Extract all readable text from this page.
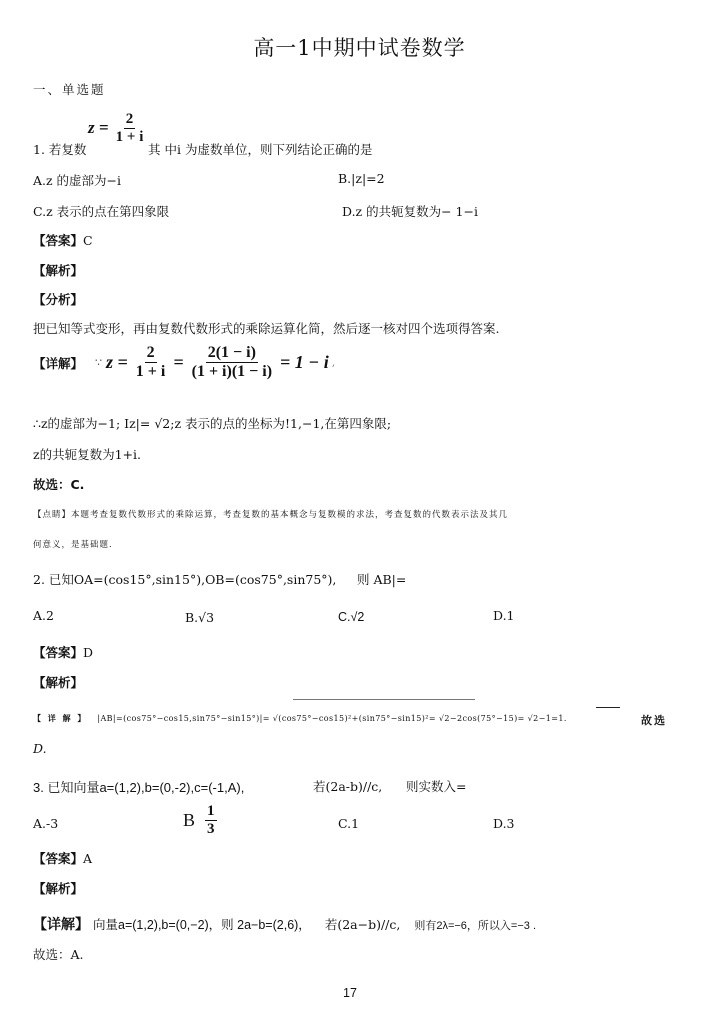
高一1中期中试卷数学
一、单选题
$z = \frac{2}{1 + i}$
1. 若复数	其 中i 为虚数单位，则下列结论正确的是
A.z 的虚部为−i	B.|z|=2
C.z 表示的点在第四象限	D.z 的共轭复数为− 1−i
【答案】C
【解析】
【分析】
把已知等式变形，再由复数代数形式的乘除运算化简，然后逐一核对四个选项得答案.
【详解】 ∵ $z = \frac{2}{1 + i} = \frac{2(1 - i)}{(1 + i)(1 - i)} = 1 - i$ ,
∴z的虚部为−1; Iz|= √2;z 表示的点的坐标为!1,−1,在第四象限;
z的共轭复数为1+i.
故选：C.
【点睛】本题考查复数代数形式的乘除运算，考查复数的基本概念与复数模的求法，考查复数的代数表示法及其几
何意义，是基础题.
2. 已知OA=(cos15°,sin15°),OB=(cos75°,sin75°), 则 AB|=
A.2	B.√3	C.√2	D.1
【答案】D
【解析】
【 详 解 】 |AB|=(cos75°−cos15,sin75°−sin15°)|= √(cos75°−cos15)²+(sin75°−sin15)²= √2−2cos(75°−15)= √2−1=1.	故选
D.
3. 已知向量a=(1,2),b=(0,-2),c=(-1,A),	若(2a-b)//c, 则实数入=
A.-3	B $\frac{1}{3}$	C.1	D.3
【答案】A
【解析】
【详解】 向量a=(1,2),b=(0,−2)，则 2a−b=(2,6)， 若(2a−b)//c, 则有2λ=−6，所以入=−3 .
故选：A.
17
